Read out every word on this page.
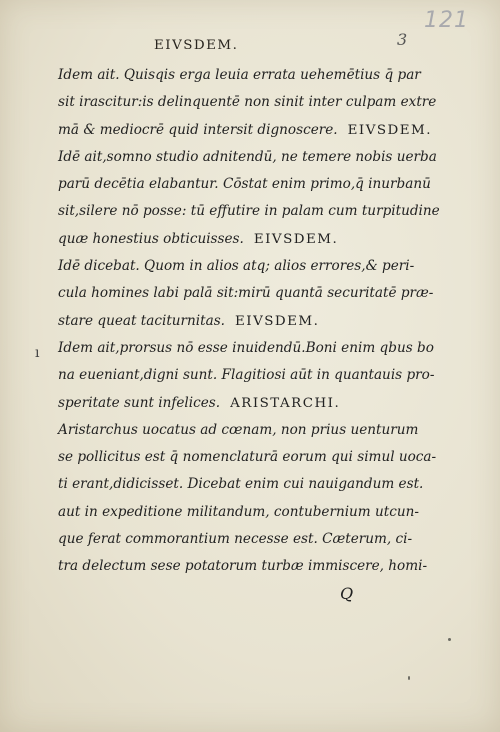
121
3
EIVSDEM.
Idem ait. Quisqis erga leuia errata uehemētius q̄ par
sit irascitur:is delinquentē non sinit inter culpam extre
mā & mediocrē quid intersit dignoscere. EIVSDEM.
Idē ait,somno studio adnitendū, ne temere nobis uerba
parū decētia elabantur. Cōstat enim primo,q̄ inurbanū
sit,silere nō posse: tū effutire in palam cum turpitudine
quæ honestius obticuisses. EIVSDEM.
Idē dicebat. Quom in alios atq; alios errores,& peri-
cula homines labi palā sit:mirū quantā securitatē præ-
stare queat taciturnitas. EIVSDEM.
Idem ait,prorsus nō esse inuidendū.Boni enim qbus bo
na eueniant,digni sunt. Flagitiosi aūt in quantauis pro-
speritate sunt infelices. ARISTARCHI.
Aristarchus uocatus ad cœnam, non prius uenturum
se pollicitus est q̄ nomenclaturā eorum qui simul uoca-
ti erant,didicisset. Dicebat enim cui nauigandum est.
aut in expeditione militandum, contubernium utcun-
que ferat commorantium necesse est. Cæterum, ci-
tra delectum sese potatorum turbæ immiscere, homi-
ı
Q
